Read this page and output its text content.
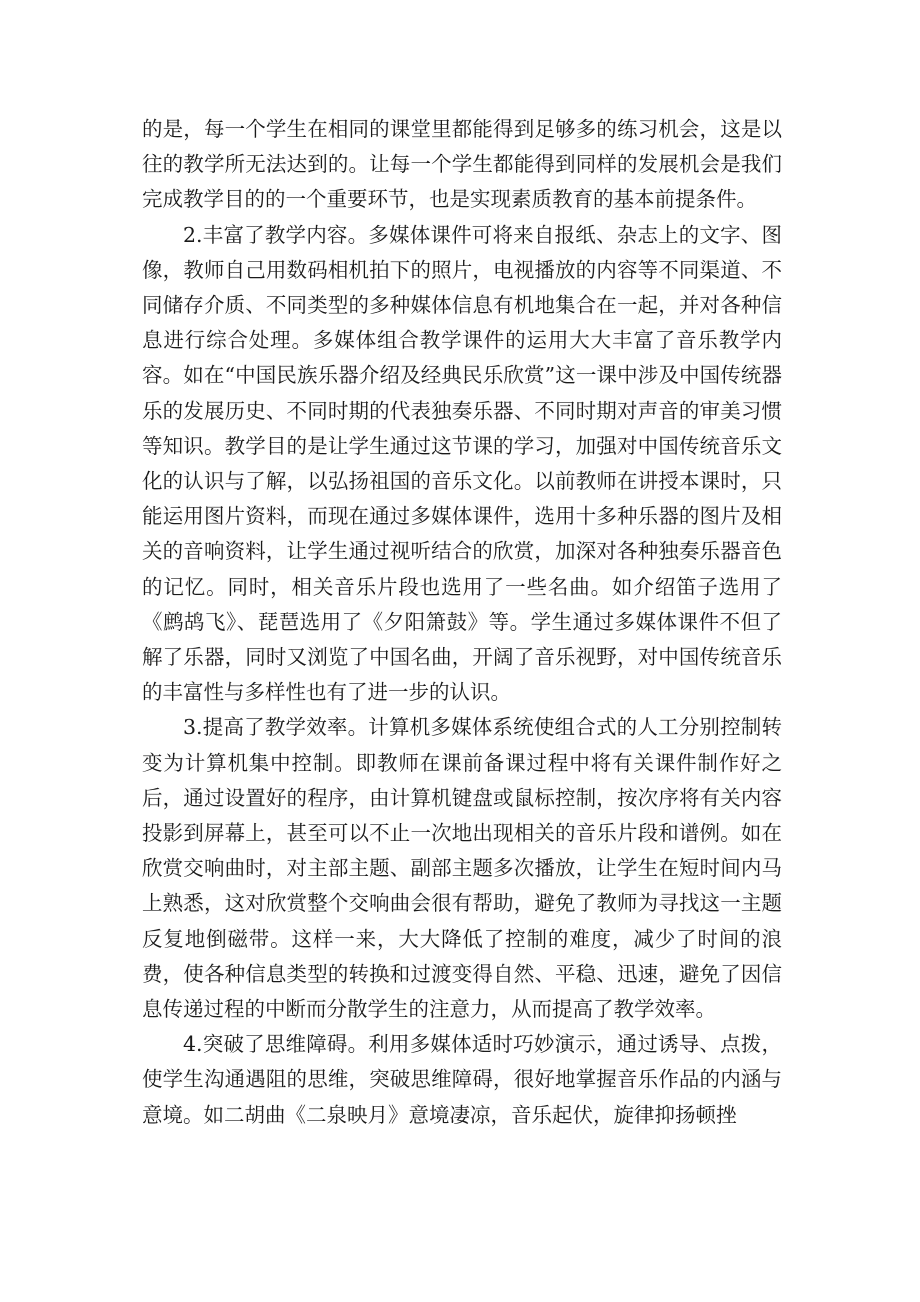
的是，每一个学生在相同的课堂里都能得到足够多的练习机会，这是以往的教学所无法达到的。让每一个学生都能得到同样的发展机会是我们完成教学目的的一个重要环节，也是实现素质教育的基本前提条件。

2.丰富了教学内容。多媒体课件可将来自报纸、杂志上的文字、图像，教师自己用数码相机拍下的照片，电视播放的内容等不同渠道、不同储存介质、不同类型的多种媒体信息有机地集合在一起，并对各种信息进行综合处理。多媒体组合教学课件的运用大大丰富了音乐教学内容。如在“中国民族乐器介绍及经典民乐欣赏”这一课中涉及中国传统器乐的发展历史、不同时期的代表独奏乐器、不同时期对声音的审美习惯等知识。教学目的是让学生通过这节课的学习，加强对中国传统音乐文化的认识与了解，以弘扬祖国的音乐文化。以前教师在讲授本课时，只能运用图片资料，而现在通过多媒体课件，选用十多种乐器的图片及相关的音响资料，让学生通过视听结合的欣赏，加深对各种独奏乐器音色的记忆。同时，相关音乐片段也选用了一些名曲。如介绍笛子选用了《鹧鸪飞》、琵琶选用了《夕阳箫鼓》等。学生通过多媒体课件不但了解了乐器，同时又浏览了中国名曲，开阔了音乐视野，对中国传统音乐的丰富性与多样性也有了进一步的认识。

3.提高了教学效率。计算机多媒体系统使组合式的人工分别控制转变为计算机集中控制。即教师在课前备课过程中将有关课件制作好之后，通过设置好的程序，由计算机键盘或鼠标控制，按次序将有关内容投影到屏幕上，甚至可以不止一次地出现相关的音乐片段和谱例。如在欣赏交响曲时，对主部主题、副部主题多次播放，让学生在短时间内马上熟悉，这对欣赏整个交响曲会很有帮助，避免了教师为寻找这一主题反复地倒磁带。这样一来，大大降低了控制的难度，减少了时间的浪费，使各种信息类型的转换和过渡变得自然、平稳、迅速，避免了因信息传递过程的中断而分散学生的注意力，从而提高了教学效率。

4.突破了思维障碍。利用多媒体适时巧妙演示，通过诱导、点拨，使学生沟通遇阻的思维，突破思维障碍，很好地掌握音乐作品的内涵与意境。如二胡曲《二泉映月》意境凄凉，音乐起伏，旋律抑扬顿挫
